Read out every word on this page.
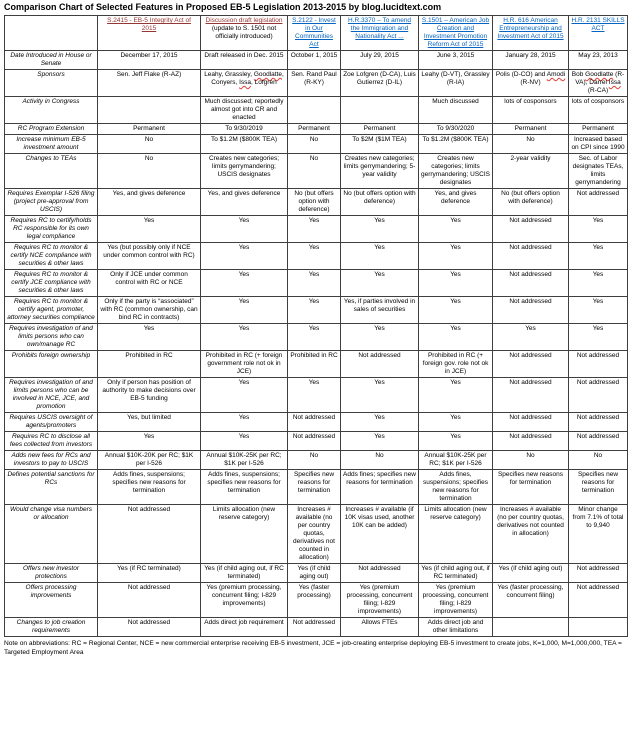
Comparison Chart of Selected Features in Proposed EB-5 Legislation 2013-2015 by blog.lucidtext.com
	S.2415 - EB-5 Integrity Act of 2015	Discussion draft legislation
(update to S. 1501 not officially introduced)	S.2122 - Invest in Our Communities Act	H.R.3370 – To amend the Immigration and Nationality Act ...	S.1501 – American Job Creation and Investment Promotion Reform Act of 2015	H.R. 616 American Entrepreneurship and Investment Act of 2015	H.R. 2131 SKILLS ACT
Date Introduced in House or Senate	December 17, 2015	Draft released in Dec. 2015	October 1, 2015	July 29, 2015	June 3, 2015	January 28, 2015	May 23, 2013
Sponsors	Sen. Jeff Flake (R-AZ)	Leahy, Grassley, Goodlatte, Conyers, Issa, Lofgren	Sen. Rand Paul (R-KY)	Zoe Lofgren (D-CA), Luis Gutierrez (D-IL)	Leahy (D-VT), Grassley (R-IA)	Polis (D-CO) and Amodi (R-NV)	Bob Goodlatte (R-VA), Darrel Issa (R-CA)
Activity in Congress		Much discussed; reportedly almost got into CR and enacted			Much discussed	lots of cosponsors	lots of cosponsors
RC Program Extension	Permanent	To 9/30/2019	Permanent	Permanent	To 9/30/2020	Permanent	Permanent
Increase minimum EB-5 investment amount	No	To $1.2M ($800K TEA)	No	To $2M ($1M TEA)	To $1.2M ($800K TEA)	No	Increased based on CPI since 1990
Changes to TEAs	No	Creates new categories; limits gerrymandering; USCIS designates	No	Creates new categories; limits gerrymandering; 5-year validity	Creates new categories; limits gerrymandering; USCIS designates	2-year validity	Sec. of Labor designates TEAs, limits gerrymandering
Requires Exemplar I-526 filing (project pre-approval from USCIS)	Yes, and gives deference	Yes, and gives deference	No (but offers option with deference)	No (but offers option with deference)	Yes, and gives deference	No (but offers option with deference)	Not addressed
Requires RC to certify/holds RC responsible for its own legal compliance	Yes	Yes	Yes	Yes	Yes	Not addressed	Yes
Requires RC to monitor & certify NCE compliance with securities & other laws	Yes (but possibly only if NCE under common control with RC)	Yes	Yes	Yes	Yes	Not addressed	Yes
Requires RC to monitor & certify JCE compliance with securities & other laws	Only if JCE under common control with RC or NCE	Yes	Yes	Yes	Yes	Not addressed	Yes
Requires RC to monitor & certify agent, promoter, attorney securities compliance	Only if the party is “associated” with RC (common ownership, can bind RC in contracts)	Yes	Yes	Yes, if parties involved in sales of securities	Yes	Not addressed	Yes
Requires investigation of and limits persons who can own/manage RC	Yes	Yes	Yes	Yes	Yes	Yes	Yes
Prohibits foreign ownership	Prohibited in RC	Prohibited in RC (+ foreign government role not ok in JCE)	Prohibited in RC	Not addressed	Prohibited in RC (+ foreign gov. role not ok in JCE)	Not addressed	Not addressed
Requires investigation of and limits persons who can be involved in NCE, JCE, and promotion	Only if person has position of authority to make decisions over EB-5 funding	Yes	Yes	Yes	Yes	Not addressed	Not addressed
Requires USCIS oversight of agents/promoters	Yes, but limited	Yes	Not addressed	Yes	Yes	Not addressed	Not addressed
Requires RC to disclose all fees collected from investors	Yes	Yes	Not addressed	Yes	Yes	Not addressed	Not addressed
Adds new fees for RCs and investors to pay to USCIS	Annual $10K-20K per RC; $1K per I-526	Annual $10K-25K per RC; $1K per I-526	No	No	Annual $10K-25K per RC; $1K per I-526	No	No
Defines potential sanctions for RCs	Adds fines, suspensions; specifies new reasons for termination	Adds fines, suspensions; specifies new reasons for termination	Specifies new reasons for termination	Adds fines; specifies new reasons for termination	Adds fines, suspensions; specifies new reasons for termination	Specifies new reasons for termination	Specifies new reasons for termination
Would change visa numbers or allocation	Not addressed	Limits allocation (new reserve category)	Increases # available (no per country quotas, derivatives not counted in allocation)	Increases # available (if 10K visas used, another 10K can be added)	Limits allocation (new reserve category)	Increases # available (no per country quotas, derivatives not counted in allocation)	Minor change from 7.1% of total to 9,940
Offers new investor protections	Yes (if RC terminated)	Yes (if child aging out, if RC terminated)	Yes (if child aging out)	Not addressed	Yes (if child aging out, if RC terminated)	Yes (if child aging out)	Not addressed
Offers processing improvements	Not addressed	Yes (premium processing, concurrent filing; I-829 improvements)	Yes (faster processing)	Yes (premium processing, concurrent filing; I-829 improvements)	Yes (premium processing, concurrent filing; I-829 improvements)	Yes (faster processing, concurrent filing)	Not addressed
Changes to job creation requirements	Not addressed	Adds direct job requirement	Not addressed	Allows FTEs	Adds direct job and other limitations		
Note on abbreviations: RC = Regional Center, NCE = new commercial enterprise receiving EB-5 investment, JCE = job-creating enterprise deploying EB-5 investment to create jobs, K=1,000, M=1,000,000, TEA = Targeted Employment Area
